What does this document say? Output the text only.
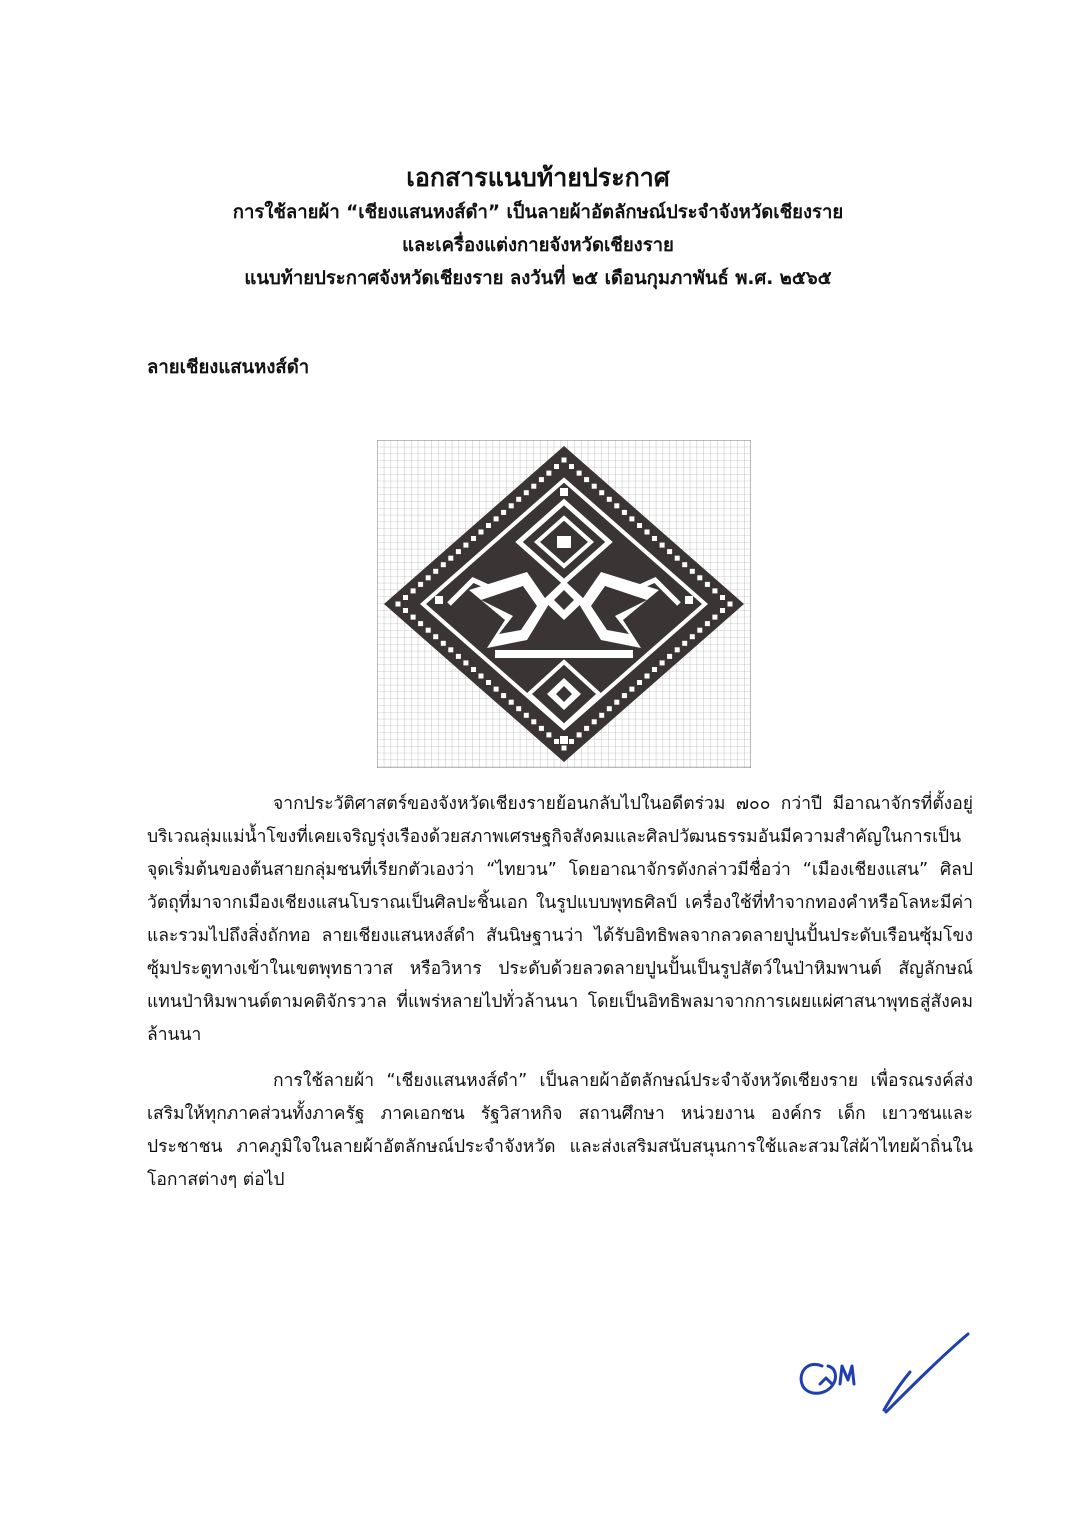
เอกสารแนบท้ายประกาศ

การใช้ลายผ้า “เชียงแสนหงส์ดำ” เป็นลายผ้าอัตลักษณ์ประจำจังหวัดเชียงราย

และเครื่องแต่งกายจังหวัดเชียงราย

แนบท้ายประกาศจังหวัดเชียงราย ลงวันที่ ๒๕ เดือนกุมภาพันธ์ พ.ศ. ๒๕๖๕

ลายเชียงแสนหงส์ดำ

จากประวัติศาสตร์ของจังหวัดเชียงรายย้อนกลับไปในอดีตร่วม ๗๐๐ กว่าปี มีอาณาจักรที่ตั้งอยู่บริเวณลุ่มแม่น้ำโขงที่เคยเจริญรุ่งเรืองด้วยสภาพเศรษฐกิจสังคมและศิลปวัฒนธรรมอันมีความสำคัญในการเป็นจุดเริ่มต้นของต้นสายกลุ่มชนที่เรียกตัวเองว่า “ไทยวน” โดยอาณาจักรดังกล่าวมีชื่อว่า “เมืองเชียงแสน” ศิลปวัตถุที่มาจากเมืองเชียงแสนโบราณเป็นศิลปะชิ้นเอก ในรูปแบบพุทธศิลป์ เครื่องใช้ที่ทำจากทองคำหรือโลหะมีค่า และรวมไปถึงสิ่งถักทอ ลายเชียงแสนหงส์ดำ สันนิษฐานว่า ได้รับอิทธิพลจากลวดลายปูนปั้นประดับเรือนซุ้มโขง ซุ้มประตูทางเข้าในเขตพุทธาวาส หรือวิหาร ประดับด้วยลวดลายปูนปั้นเป็นรูปสัตว์ในป่าหิมพานต์ สัญลักษณ์แทนป่าหิมพานต์ตามคติจักรวาล ที่แพร่หลายไปทั่วล้านนา โดยเป็นอิทธิพลมาจากการเผยแผ่ศาสนาพุทธสู่สังคมล้านนา

การใช้ลายผ้า “เชียงแสนหงส์ดำ” เป็นลายผ้าอัตลักษณ์ประจำจังหวัดเชียงราย เพื่อรณรงค์ส่งเสริมให้ทุกภาคส่วนทั้งภาครัฐ ภาคเอกชน รัฐวิสาหกิจ สถานศึกษา หน่วยงาน องค์กร เด็ก เยาวชนและประชาชน ภาคภูมิใจในลายผ้าอัตลักษณ์ประจำจังหวัด และส่งเสริมสนับสนุนการใช้และสวมใส่ผ้าไทยผ้าถิ่นในโอกาสต่างๆ ต่อไป
